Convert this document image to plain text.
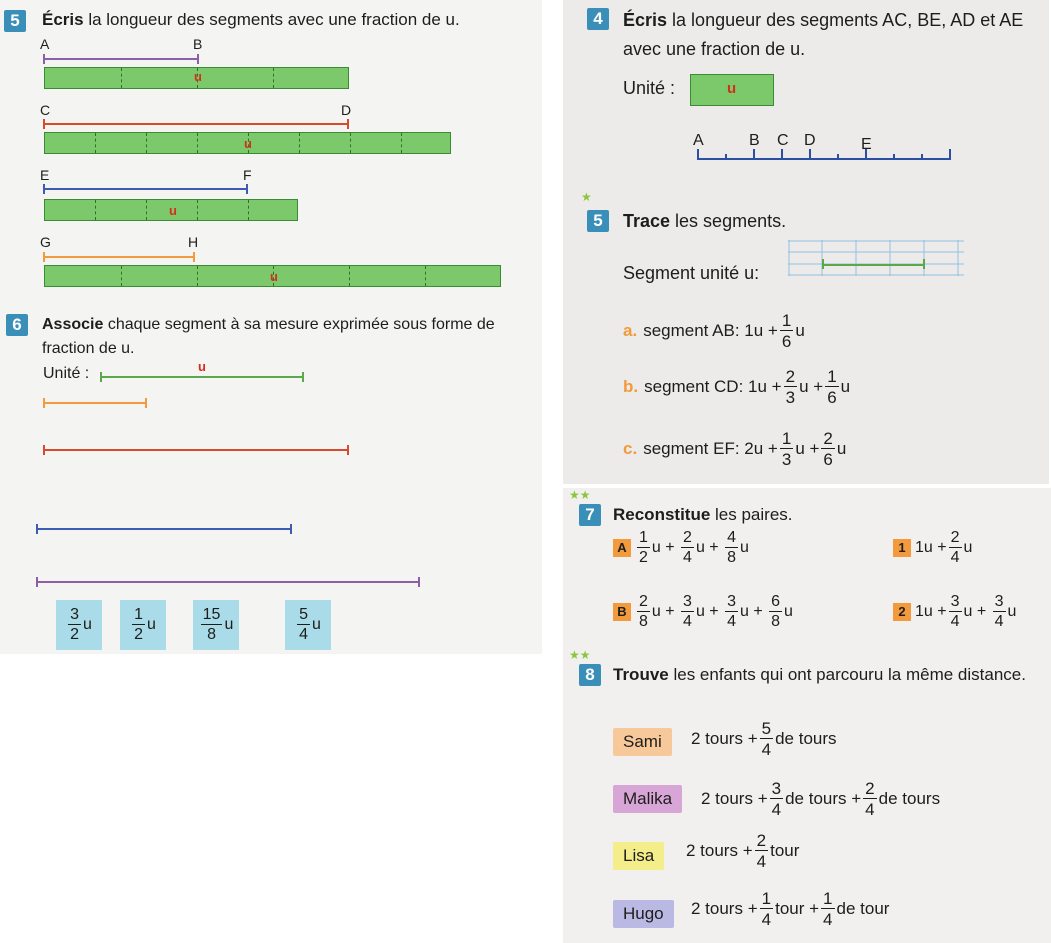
5	Écris la longueur des segments avec une fraction de u.
A	B
u
C	D
u
E	F
u
G	H
u
6	Associe chaque segment à sa mesure exprimée sous forme de fraction de u.
Unité :	u
$\frac{3}{2}$ u	$\frac{1}{2}$ u	$\frac{15}{8}$ u	$\frac{5}{4}$ u
4	Écris la longueur des segments AC, BE, AD et AE avec une fraction de u.
Unité :	u
A	B C D	E
★
5	Trace les segments.
Segment unité u:
a. segment AB: $1u + \frac{1}{6}$ u
b. segment CD: $1u + \frac{2}{3}$ $u + \frac{1}{6}$ u
c. segment EF: $2u + \frac{1}{3}$ $u + \frac{2}{6}$ u
★★
7	Reconstitue les paires.
A $\frac{1}{2}$ $u + \frac{2}{4}$ $u + \frac{4}{8}$ u
B $\frac{2}{8}$ $u + \frac{3}{4}$ $u + \frac{3}{4}$ $u + \frac{6}{8}$ u
1 $1u + \frac{2}{4}$ u
2 $1u + \frac{3}{4}$ $u + \frac{3}{4}$ u
★★
8	Trouve les enfants qui ont parcouru la même distance.
Sami	2 tours + $\frac{5}{4}$ de tours
Malika	2 tours + $\frac{3}{4}$ de tours + $\frac{2}{4}$ de tours
Lisa	2 tours + $\frac{2}{4}$ tour
Hugo	2 tours + $\frac{1}{4}$ tour + $\frac{1}{4}$ de tour
